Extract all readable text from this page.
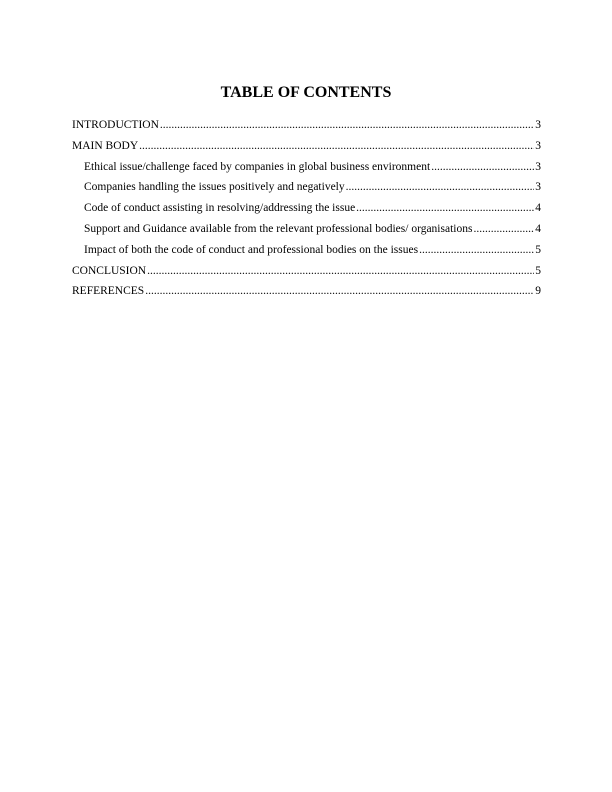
TABLE OF CONTENTS
INTRODUCTION .....	3
MAIN BODY .....	3
Ethical issue/challenge faced by companies in global business environment .....	3
Companies handling the issues positively and negatively .....	3
Code of conduct assisting in resolving/addressing the issue .....	4
Support and Guidance available from the relevant professional bodies/ organisations .....	4
Impact of both the code of conduct and professional bodies on the issues .....	5
CONCLUSION .....	5
REFERENCES .....	9
